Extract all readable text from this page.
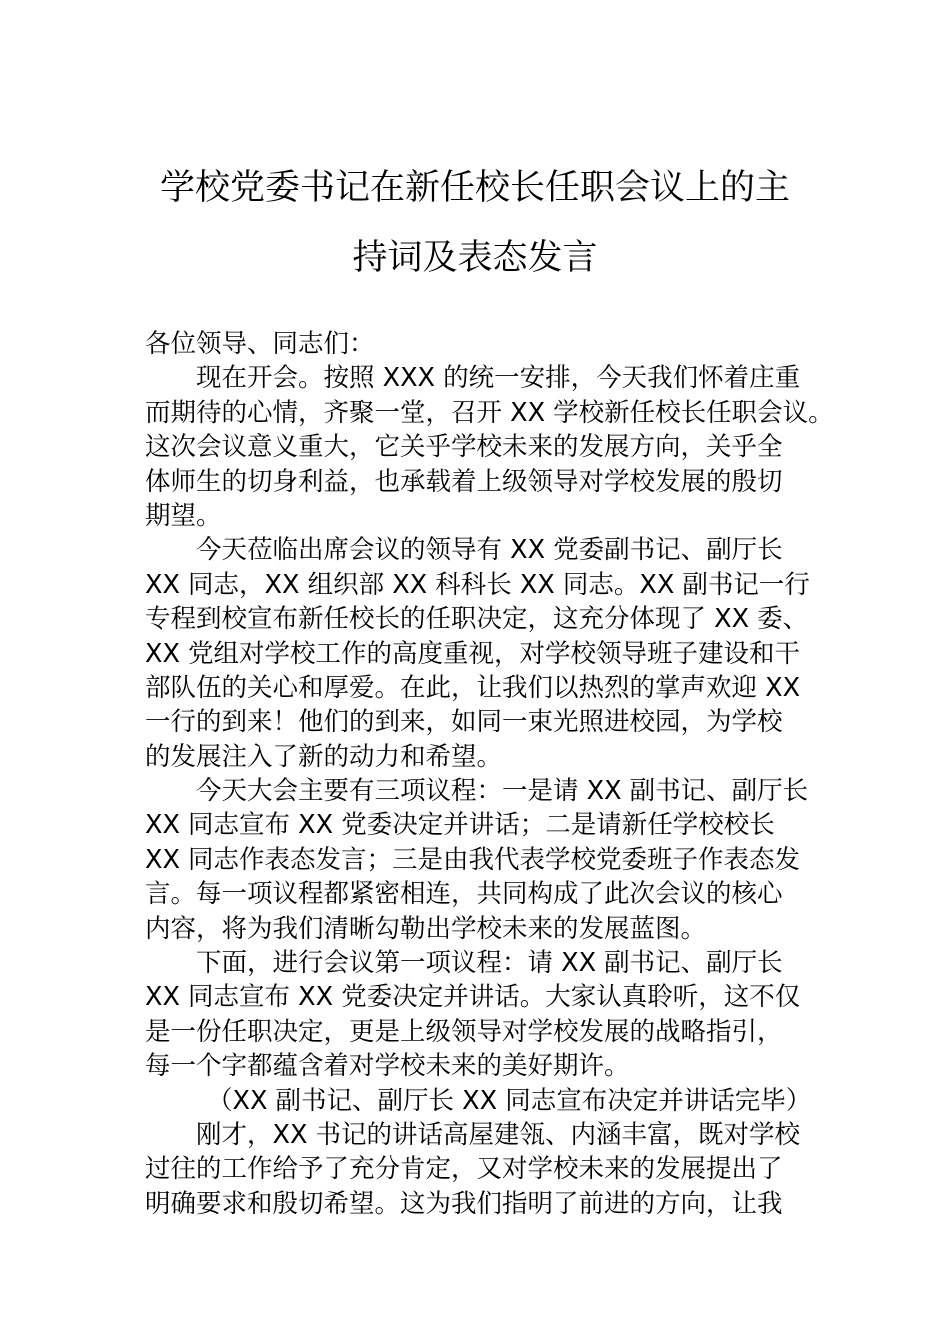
学校党委书记在新任校长任职会议上的主
持词及表态发言
各位领导、同志们：
现在开会。按照 XXX 的统一安排，今天我们怀着庄重
而期待的心情，齐聚一堂，召开 XX 学校新任校长任职会议。
这次会议意义重大，它关乎学校未来的发展方向，关乎全
体师生的切身利益，也承载着上级领导对学校发展的殷切
期望。
今天莅临出席会议的领导有 XX 党委副书记、副厅长
XX 同志，XX 组织部 XX 科科长 XX 同志。XX 副书记一行
专程到校宣布新任校长的任职决定，这充分体现了 XX 委、
XX 党组对学校工作的高度重视，对学校领导班子建设和干
部队伍的关心和厚爱。在此，让我们以热烈的掌声欢迎 XX
一行的到来！他们的到来，如同一束光照进校园，为学校
的发展注入了新的动力和希望。
今天大会主要有三项议程：一是请 XX 副书记、副厅长
XX 同志宣布 XX 党委决定并讲话；二是请新任学校校长
XX 同志作表态发言；三是由我代表学校党委班子作表态发
言。每一项议程都紧密相连，共同构成了此次会议的核心
内容，将为我们清晰勾勒出学校未来的发展蓝图。
下面，进行会议第一项议程：请 XX 副书记、副厅长
XX 同志宣布 XX 党委决定并讲话。大家认真聆听，这不仅
是一份任职决定，更是上级领导对学校发展的战略指引，
每一个字都蕴含着对学校未来的美好期许。
（XX 副书记、副厅长 XX 同志宣布决定并讲话完毕）
刚才，XX 书记的讲话高屋建瓴、内涵丰富，既对学校
过往的工作给予了充分肯定，又对学校未来的发展提出了
明确要求和殷切希望。这为我们指明了前进的方向，让我
